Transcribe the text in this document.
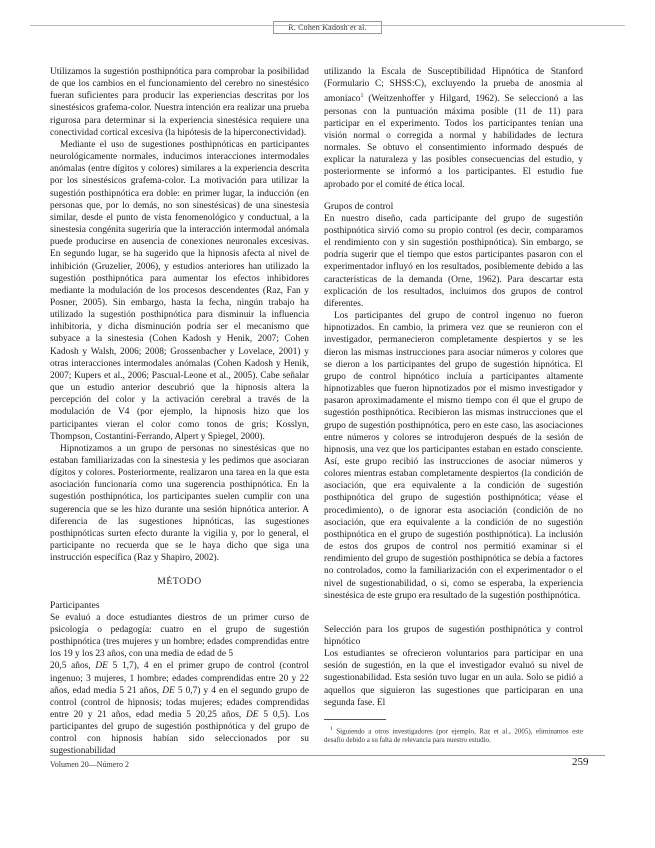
R. Cohen Kadosh et al.

Utilizamos la sugestión posthipnótica para comprobar la posibilidad de que los cambios en el funcionamiento del cerebro no sinestésico fueran suficientes para producir las experiencias descritas por los sinestésicos grafema-color. Nuestra intención era realizar una prueba rigurosa para determinar si la experiencia sinestésica requiere una conectividad cortical excesiva (la hipótesis de la hiperconectividad).

Mediante el uso de sugestiones posthipnóticas en participantes neurológicamente normales, inducimos interacciones intermodales anómalas (entre dígitos y colores) similares a la experiencia descrita por los sinestésicos grafema-color. La motivación para utilizar la sugestión posthipnótica era doble: en primer lugar, la inducción (en personas que, por lo demás, no son sinestésicas) de una sinestesia similar, desde el punto de vista fenomenológico y conductual, a la sinestesia congénita sugeriría que la interacción intermodal anómala puede producirse en ausencia de conexiones neuronales excesivas. En segundo lugar, se ha sugerido que la hipnosis afecta al nivel de inhibición (Gruzelier, 2006), y estudios anteriores han utilizado la sugestión posthipnótica para aumentar los efectos inhibidores mediante la modulación de los procesos descendentes (Raz, Fan y Posner, 2005). Sin embargo, hasta la fecha, ningún trabajo ha utilizado la sugestión posthipnótica para disminuir la influencia inhibitoria, y dicha disminución podría ser el mecanismo que subyace a la sinestesia (Cohen Kadosh y Henik, 2007; Cohen Kadosh y Walsh, 2006; 2008; Grossenbacher y Lovelace, 2001) y otras interacciones intermodales anómalas (Cohen Kadosh y Henik, 2007; Kupers et al., 2006; Pascual-Leone et al., 2005). Cabe señalar que un estudio anterior descubrió que la hipnosis altera la percepción del color y la activación cerebral a través de la modulación de V4 (por ejemplo, la hipnosis hizo que los participantes vieran el color como tonos de gris; Kosslyn, Thompson, Costantini-Ferrando, Alpert y Spiegel, 2000).

Hipnotizamos a un grupo de personas no sinestésicas que no estaban familiarizadas con la sinestesia y les pedimos que asociaran dígitos y colores. Posteriormente, realizaron una tarea en la que esta asociación funcionaría como una sugerencia posthipnótica. En la sugestión posthipnótica, los participantes suelen cumplir con una sugerencia que se les hizo durante una sesión hipnótica anterior. A diferencia de las sugestiones hipnóticas, las sugestiones posthipnóticas surten efecto durante la vigilia y, por lo general, el participante no recuerda que se le haya dicho que siga una instrucción específica (Raz y Shapiro, 2002).

MÉTODO
Participantes

Se evaluó a doce estudiantes diestros de un primer curso de psicología o pedagogía: cuatro en el grupo de sugestión posthipnótica (tres mujeres y un hombre; edades comprendidas entre los 19 y los 23 años, con una media de edad de 5
20,5 años, DE 5 1,7), 4 en el primer grupo de control (control ingenuo; 3 mujeres, 1 hombre; edades comprendidas entre 20 y 22 años, edad media 5 21 años, DE 5 0,7) y 4 en el segundo grupo de control (control de hipnosis; todas mujeres; edades comprendidas entre 20 y 21 años, edad media 5 20,25 años, DE 5 0,5). Los participantes del grupo de sugestión posthipnótica y del grupo de control con hipnosis habían sido seleccionados por su sugestionabilidad

utilizando la Escala de Susceptibilidad Hipnótica de Stanford (Formulario C; SHSS:C), excluyendo la prueba de anosmia al amoníaco$^1$ (Weitzenhoffer y Hilgard, 1962). Se seleccionó a las personas con la puntuación máxima posible (11 de 11) para participar en el experimento. Todos los participantes tenían una visión normal o corregida a normal y habilidades de lectura normales. Se obtuvo el consentimiento informado después de explicar la naturaleza y las posibles consecuencias del estudio, y posteriormente se informó a los participantes. El estudio fue aprobado por el comité de ética local.

Grupos de control

En nuestro diseño, cada participante del grupo de sugestión posthipnótica sirvió como su propio control (es decir, comparamos el rendimiento con y sin sugestión posthipnótica). Sin embargo, se podría sugerir que el tiempo que estos participantes pasaron con el experimentador influyó en los resultados, posiblemente debido a las características de la demanda (Orne, 1962). Para descartar esta explicación de los resultados, incluimos dos grupos de control diferentes.

Los participantes del grupo de control ingenuo no fueron hipnotizados. En cambio, la primera vez que se reunieron con el investigador, permanecieron completamente despiertos y se les dieron las mismas instrucciones para asociar números y colores que se dieron a los participantes del grupo de sugestión hipnótica. El grupo de control hipnótico incluía a participantes altamente hipnotizables que fueron hipnotizados por el mismo investigador y pasaron aproximadamente el mismo tiempo con él que el grupo de sugestión posthipnótica. Recibieron las mismas instrucciones que el grupo de sugestión posthipnótica, pero en este caso, las asociaciones entre números y colores se introdujeron después de la sesión de hipnosis, una vez que los participantes estaban en estado consciente. Así, este grupo recibió las instrucciones de asociar números y colores mientras estaban completamente despiertos (la condición de asociación, que era equivalente a la condición de sugestión posthipnótica del grupo de sugestión posthipnótica; véase el procedimiento), o de ignorar esta asociación (condición de no asociación, que era equivalente a la condición de no sugestión posthipnótica en el grupo de sugestión posthipnótica). La inclusión de estos dos grupos de control nos permitió examinar si el rendimiento del grupo de sugestión posthipnótica se debía a factores no controlados, como la familiarización con el experimentador o el nivel de sugestionabilidad, o si, como se esperaba, la experiencia sinestésica de este grupo era resultado de la sugestión posthipnótica.

Selección para los grupos de sugestión posthipnótica y control hipnótico

Los estudiantes se ofrecieron voluntarios para participar en una sesión de sugestión, en la que el investigador evaluó su nivel de sugestionabilidad. Esta sesión tuvo lugar en un aula. Solo se pidió a aquellos que siguieron las sugestiones que participaran en una segunda fase. El

$^1$ Siguiendo a otros investigadores (por ejemplo, Raz et al., 2005), eliminamos este desafío debido a su falta de relevancia para nuestro estudio.
Volumen 20—Número 2	259
